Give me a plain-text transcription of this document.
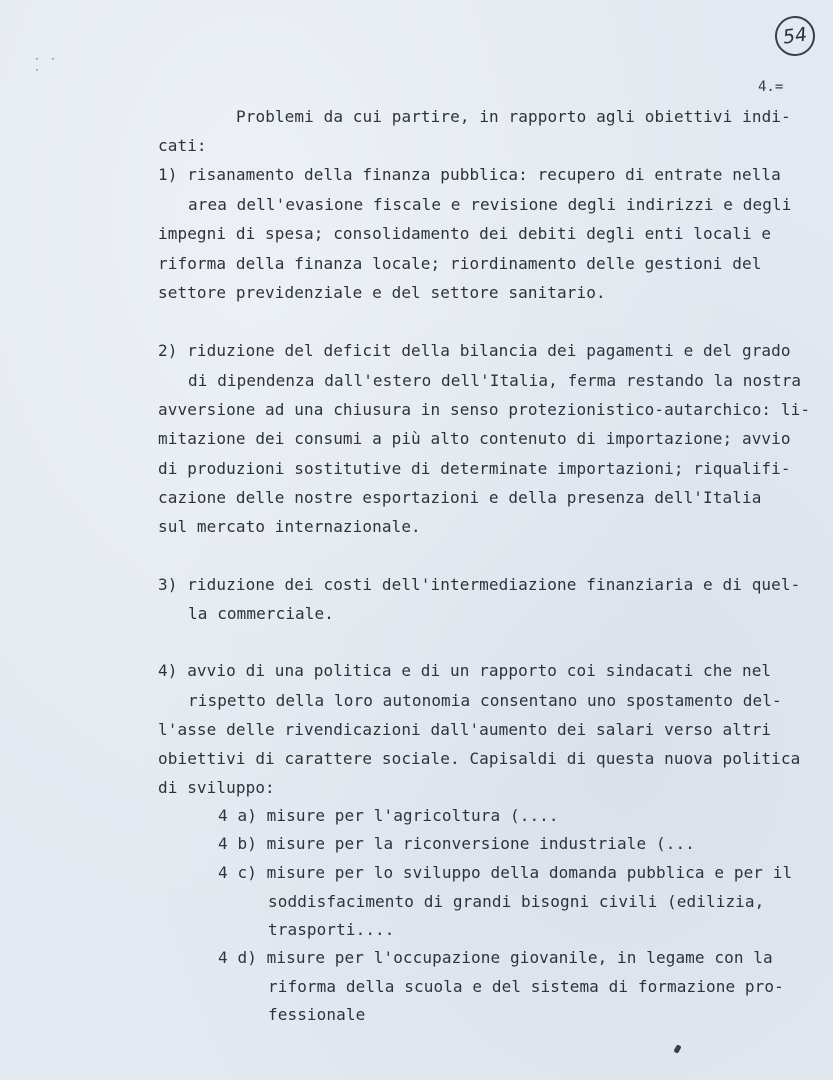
· · ·
54
4.=
Problemi da cui partire, in rapporto agli obiettivi indi-
cati:
1) risanamento della finanza pubblica: recupero di entrate nella
area dell'evasione fiscale e revisione degli indirizzi e degli
impegni di spesa; consolidamento dei debiti degli enti locali e
riforma della finanza locale; riordinamento delle gestioni del
settore previdenziale e del settore sanitario.
2) riduzione del deficit della bilancia dei pagamenti e del grado
di dipendenza dall'estero dell'Italia, ferma restando la nostra
avversione ad una chiusura in senso protezionistico-autarchico: li-
mitazione dei consumi a più alto contenuto di importazione; avvio
di produzioni sostitutive di determinate importazioni; riqualifi-
cazione delle nostre esportazioni e della presenza dell'Italia
sul mercato internazionale.
3) riduzione dei costi dell'intermediazione finanziaria e di quel-
la commerciale.
4) avvio di una politica e di un rapporto coi sindacati che nel
rispetto della loro autonomia consentano uno spostamento del-
l'asse delle rivendicazioni dall'aumento dei salari verso altri
obiettivi di carattere sociale. Capisaldi di questa nuova politica
di sviluppo:
4 a) misure per l'agricoltura (....
4 b) misure per la riconversione industriale (...
4 c) misure per lo sviluppo della domanda pubblica e per il
soddisfacimento di grandi bisogni civili (edilizia,
trasporti....
4 d) misure per l'occupazione giovanile, in legame con la
riforma della scuola e del sistema di formazione pro-
fessionale
